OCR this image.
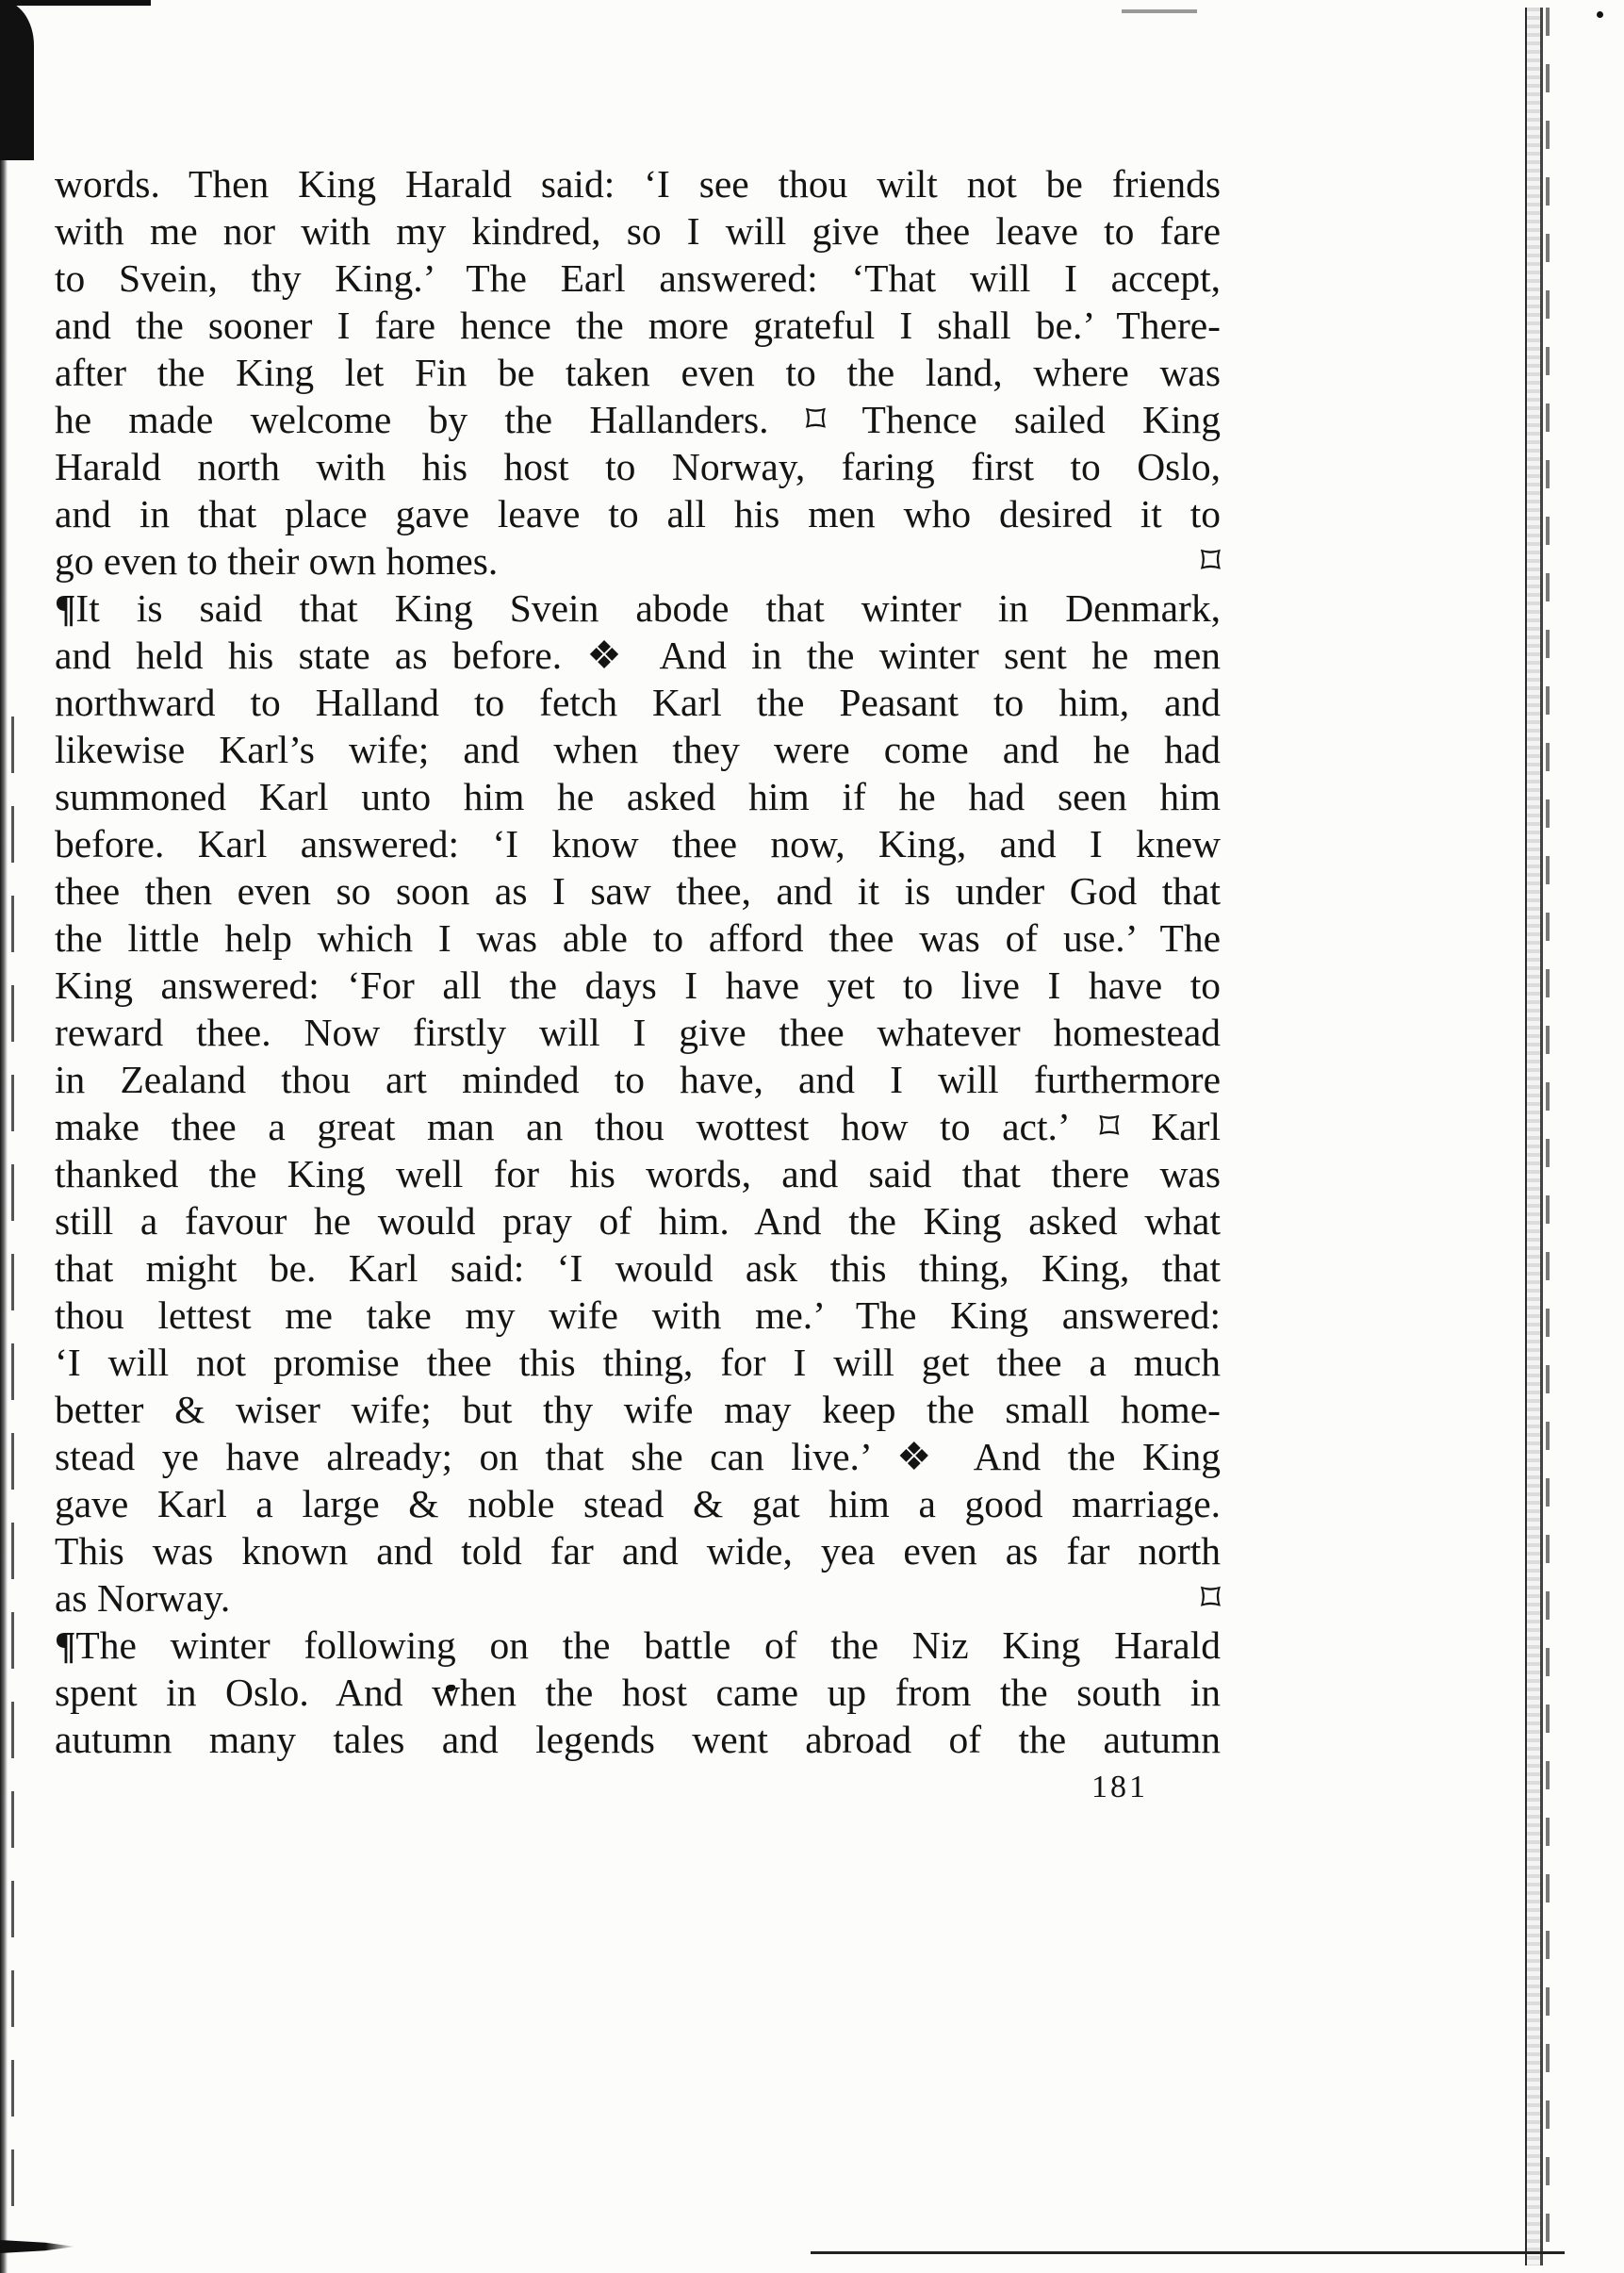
words. Then King Harald said: ‘I see thou wilt not be friends
with me nor with my kindred, so I will give thee leave to fare
to Svein, thy King.’ The Earl answered: ‘That will I accept,
and the sooner I fare hence the more grateful I shall be.’ There-
after the King let Fin be taken even to the land, where was
he made welcome by the Hallanders. ⌑ Thence sailed King
Harald north with his host to Norway, faring first to Oslo,
and in that place gave leave to all his men who desired it to
go even to their own homes.	⌑
¶It is said that King Svein abode that winter in Denmark,
and held his state as before. ❖ And in the winter sent he men
northward to Halland to fetch Karl the Peasant to him, and
likewise Karl’s wife; and when they were come and he had
summoned Karl unto him he asked him if he had seen him
before. Karl answered: ‘I know thee now, King, and I knew
thee then even so soon as I saw thee, and it is under God that
the little help which I was able to afford thee was of use.’ The
King answered: ‘For all the days I have yet to live I have to
reward thee. Now firstly will I give thee whatever homestead
in Zealand thou art minded to have, and I will furthermore
make thee a great man an thou wottest how to act.’ ⌑ Karl
thanked the King well for his words, and said that there was
still a favour he would pray of him. And the King asked what
that might be. Karl said: ‘I would ask this thing, King, that
thou lettest me take my wife with me.’ The King answered:
‘I will not promise thee this thing, for I will get thee a much
better & wiser wife; but thy wife may keep the small home-
stead ye have already; on that she can live.’ ❖ And the King
gave Karl a large & noble stead & gat him a good marriage.
This was known and told far and wide, yea even as far north
as Norway.	⌑
¶The winter following on the battle of the Niz King Harald
spent in Oslo. And when the host came up from the south in
autumn many tales and legends went abroad of the autumn
181
